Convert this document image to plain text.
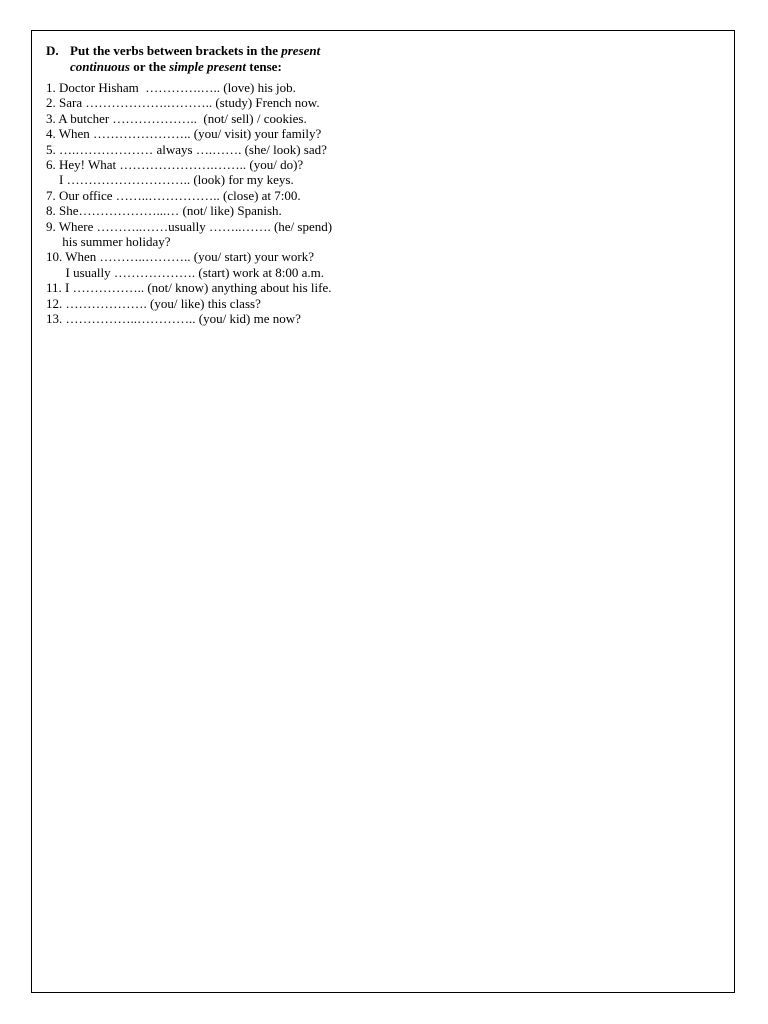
D. Put the verbs between brackets in the present
continuous or the simple present tense:
1. Doctor Hisham  ………….….. (love) his job.
2. Sara ……………….……….. (study) French now.
3. A butcher ………………..  (not/ sell) / cookies.
4. When ………………….. (you/ visit) your family?
5. ….……………… always ….……. (she/ look) sad?
6. Hey! What ………………….…….. (you/ do)?
I ……………………….. (look) for my keys.
7. Our office ……..…………….. (close) at 7:00.
8. She………………...… (not/ like) Spanish.
9. Where ………..……usually ……..……. (he/ spend)
his summer holiday?
10. When ………..……….. (you/ start) your work?
I usually ………………. (start) work at 8:00 a.m.
11. I …………….. (not/ know) anything about his life.
12. ………………. (you/ like) this class?
13. ……………..………….. (you/ kid) me now?
